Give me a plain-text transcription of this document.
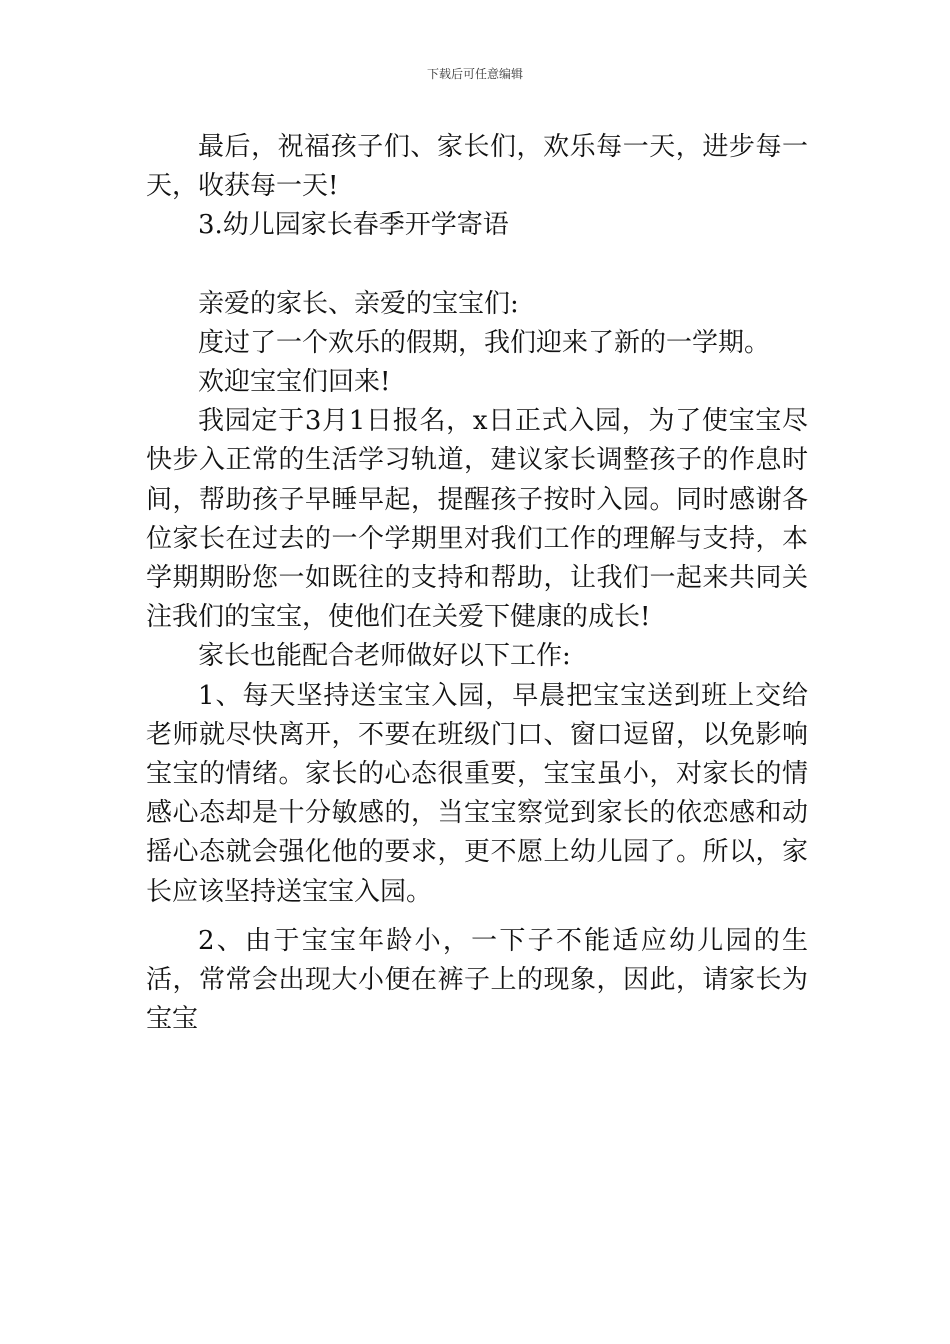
下载后可任意编辑

最后，祝福孩子们、家长们，欢乐每一天，进步每一天，收获每一天!

3.幼儿园家长春季开学寄语

亲爱的家长、亲爱的宝宝们:

度过了一个欢乐的假期，我们迎来了新的一学期。

欢迎宝宝们回来!

我园定于3月1日报名，x日正式入园，为了使宝宝尽快步入正常的生活学习轨道，建议家长调整孩子的作息时间，帮助孩子早睡早起，提醒孩子按时入园。同时感谢各位家长在过去的一个学期里对我们工作的理解与支持，本学期期盼您一如既往的支持和帮助，让我们一起来共同关注我们的宝宝，使他们在关爱下健康的成长!

家长也能配合老师做好以下工作:

1、每天坚持送宝宝入园，早晨把宝宝送到班上交给老师就尽快离开，不要在班级门口、窗口逗留，以免影响宝宝的情绪。家长的心态很重要，宝宝虽小，对家长的情感心态却是十分敏感的，当宝宝察觉到家长的依恋感和动摇心态就会强化他的要求，更不愿上幼儿园了。所以，家长应该坚持送宝宝入园。

2、由于宝宝年龄小，一下子不能适应幼儿园的生活，常常会出现大小便在裤子上的现象，因此，请家长为宝宝
